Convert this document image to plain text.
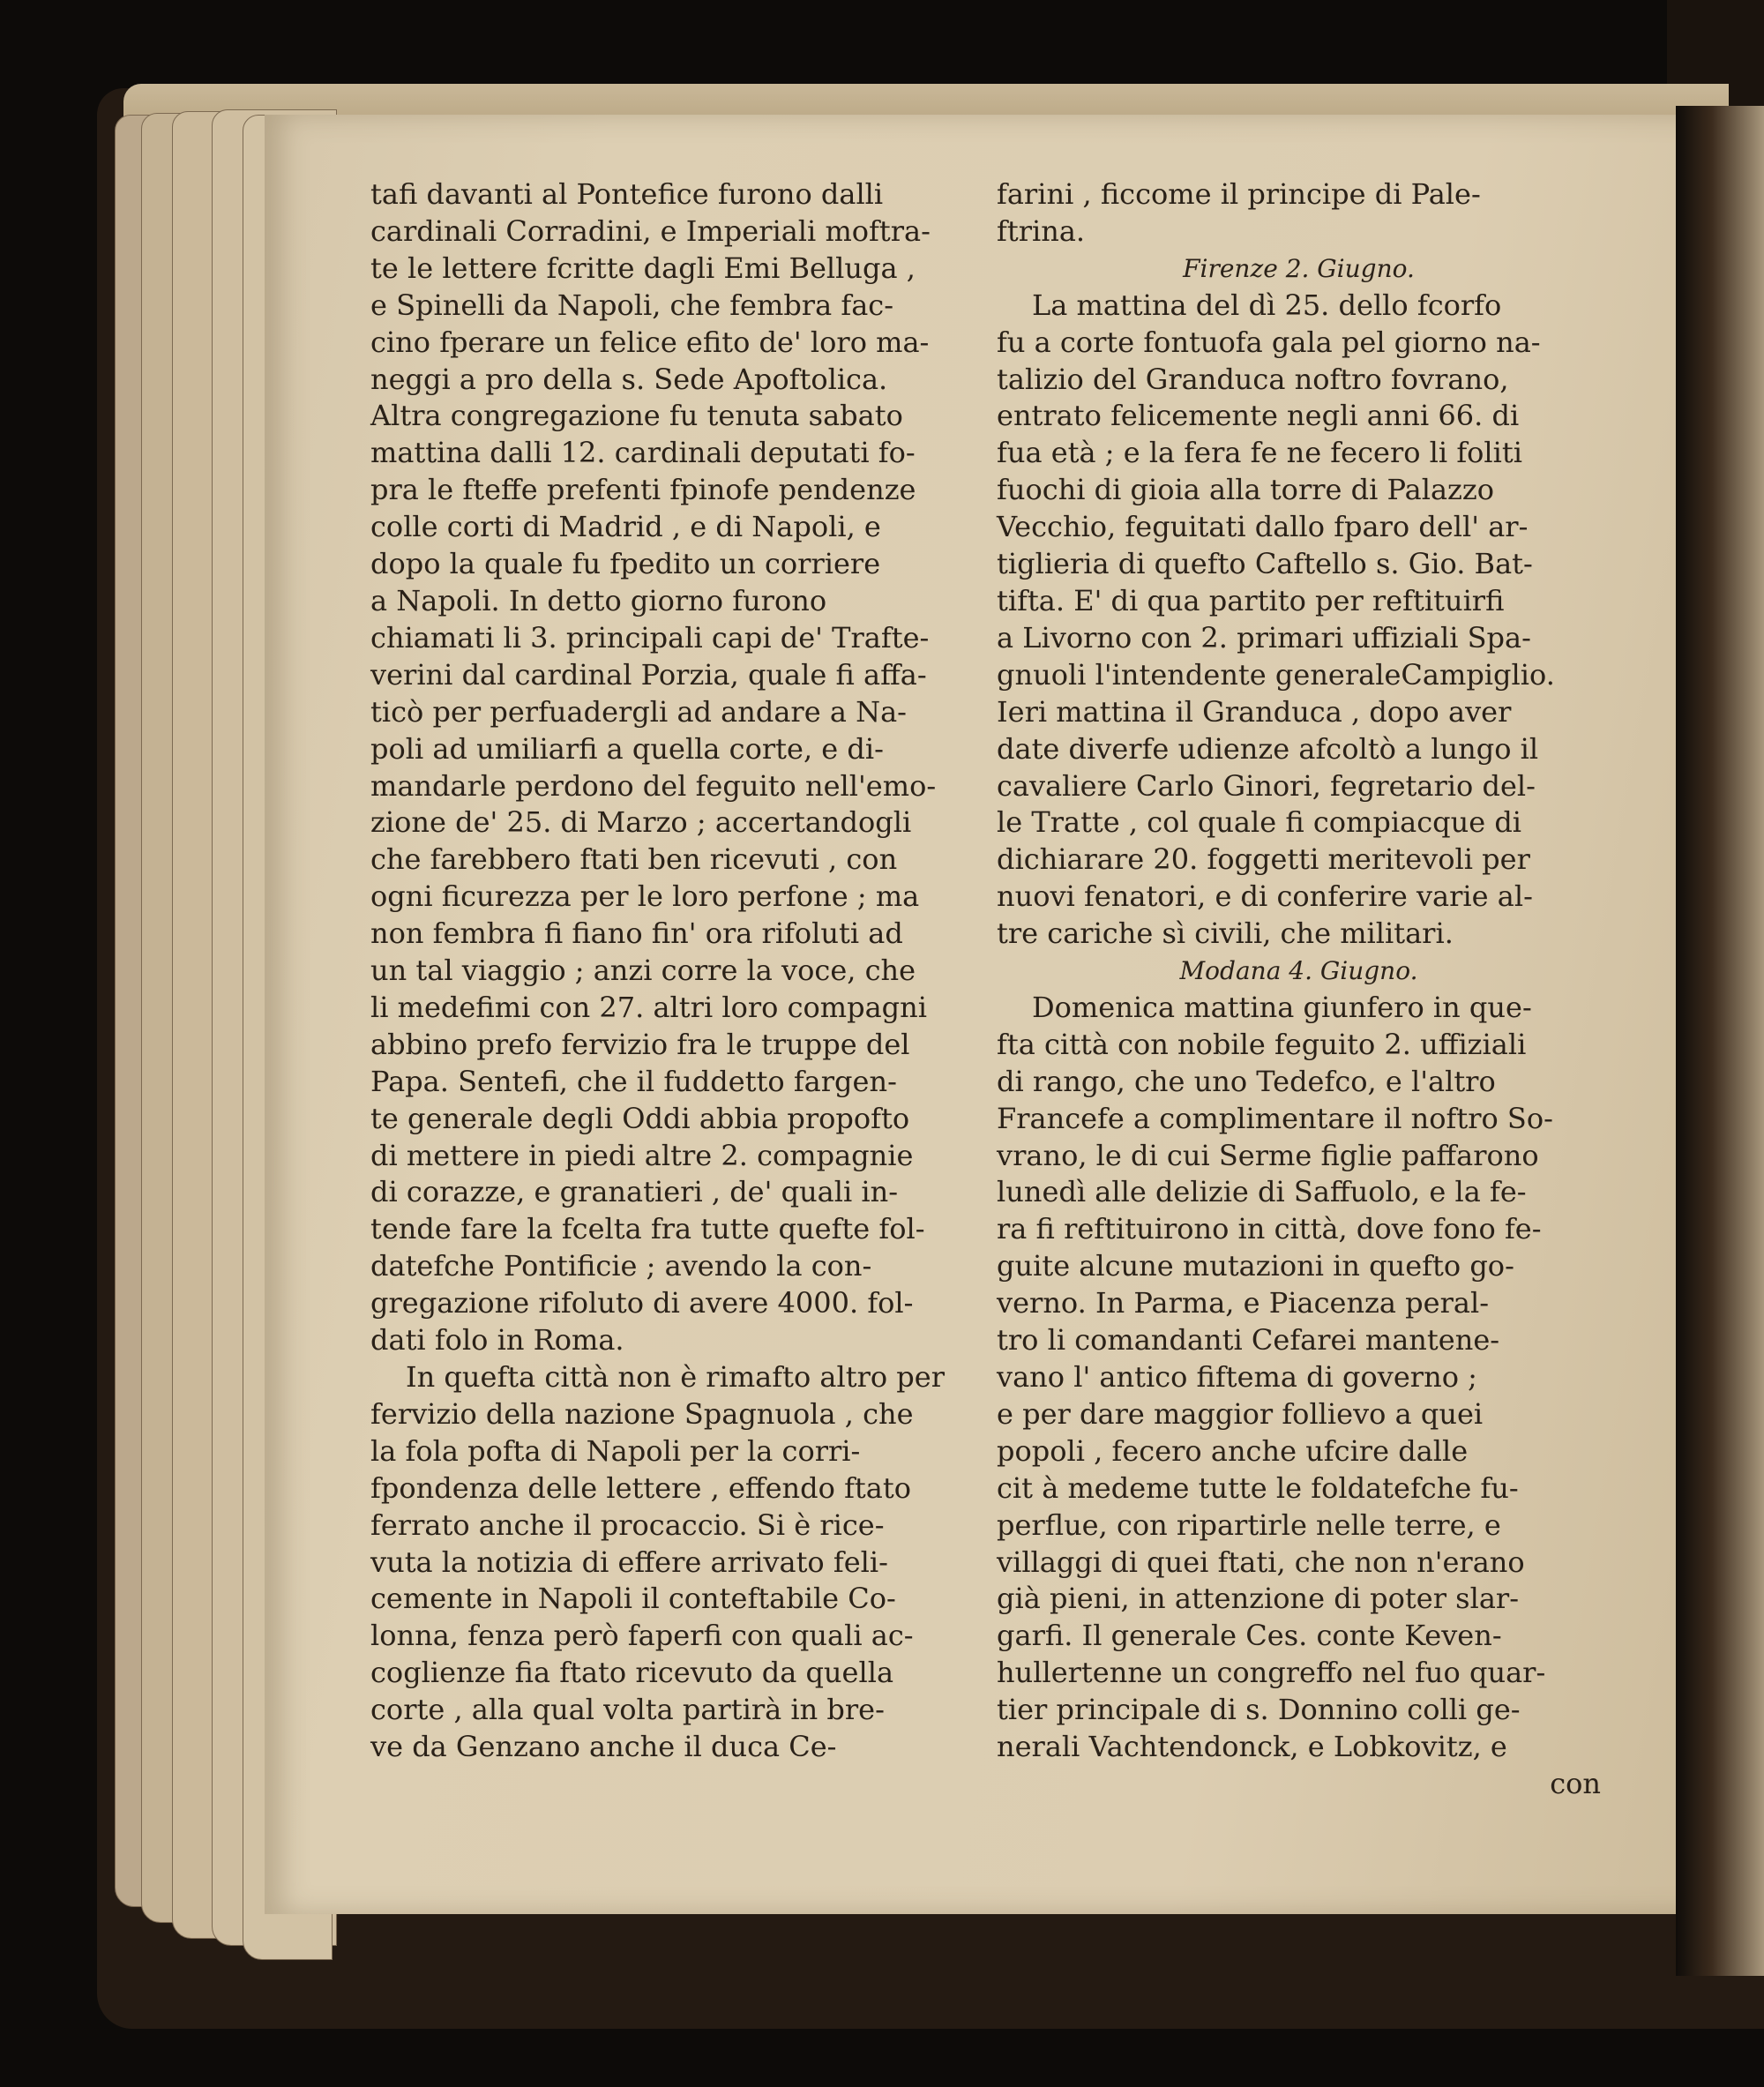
tafi davanti al Pontefice furono dalli
cardinali Corradini, e Imperiali moftra-
te le lettere fcritte dagli Emi Belluga ,
e Spinelli da Napoli, che fembra fac-
cino fperare un felice efito de' loro ma-
neggi a pro della s. Sede Apoftolica.
Altra congregazione fu tenuta sabato
mattina dalli 12. cardinali deputati fo-
pra le fteffe prefenti fpinofe pendenze
colle corti di Madrid , e di Napoli, e
dopo la quale fu fpedito un corriere
a Napoli. In detto giorno furono
chiamati li 3. principali capi de' Trafte-
verini dal cardinal Porzia, quale fi affa-
ticò per perfuadergli ad andare a Na-
poli ad umiliarfi a quella corte, e di-
mandarle perdono del feguito nell'emo-
zione de' 25. di Marzo ; accertandogli
che farebbero ftati ben ricevuti , con
ogni ficurezza per le loro perfone ; ma
non fembra fi fiano fin' ora rifoluti ad
un tal viaggio ; anzi corre la voce, che
li medefimi con 27. altri loro compagni
abbino prefo fervizio fra le truppe del
Papa. Sentefi, che il fuddetto fargen-
te generale degli Oddi abbia propofto
di mettere in piedi altre 2. compagnie
di corazze, e granatieri , de' quali in-
tende fare la fcelta fra tutte quefte fol-
datefche Pontificie ; avendo la con-
gregazione rifoluto di avere 4000. fol-
dati folo in Roma.
In quefta città non è rimafto altro per
fervizio della nazione Spagnuola , che
la fola pofta di Napoli per la corri-
fpondenza delle lettere , effendo ftato
ferrato anche il procaccio. Si è rice-
vuta la notizia di effere arrivato feli-
cemente in Napoli il conteftabile Co-
lonna, fenza però faperfi con quali ac-
coglienze fia ftato ricevuto da quella
corte , alla qual volta partirà in bre-
ve da Genzano anche il duca Ce-
farini , ficcome il principe di Pale-
ftrina.
Firenze 2. Giugno.
La mattina del dì 25. dello fcorfo
fu a corte fontuofa gala pel giorno na-
talizio del Granduca noftro fovrano,
entrato felicemente negli anni 66. di
fua età ; e la fera fe ne fecero li foliti
fuochi di gioia alla torre di Palazzo
Vecchio, feguitati dallo fparo dell' ar-
tiglieria di quefto Caftello s. Gio. Bat-
tifta. E' di qua partito per reftituirfi
a Livorno con 2. primari uffiziali Spa-
gnuoli l'intendente generaleCampiglio.
Ieri mattina il Granduca , dopo aver
date diverfe udienze afcoltò a lungo il
cavaliere Carlo Ginori, fegretario del-
le Tratte , col quale fi compiacque di
dichiarare 20. foggetti meritevoli per
nuovi fenatori, e di conferire varie al-
tre cariche sì civili, che militari.
Modana 4. Giugno.
Domenica mattina giunfero in que-
fta città con nobile feguito 2. uffiziali
di rango, che uno Tedefco, e l'altro
Francefe a complimentare il noftro So-
vrano, le di cui Serme figlie paffarono
lunedì alle delizie di Saffuolo, e la fe-
ra fi reftituirono in città, dove fono fe-
guite alcune mutazioni in quefto go-
verno. In Parma, e Piacenza peral-
tro li comandanti Cefarei mantene-
vano l' antico fiftema di governo ;
e per dare maggior follievo a quei
popoli , fecero anche ufcire dalle
cit à medeme tutte le foldatefche fu-
perflue, con ripartirle nelle terre, e
villaggi di quei ftati, che non n'erano
già pieni, in attenzione di poter slar-
garfi. Il generale Ces. conte Keven-
hullertenne un congreffo nel fuo quar-
tier principale di s. Donnino colli ge-
nerali Vachtendonck, e Lobkovitz, e
con
